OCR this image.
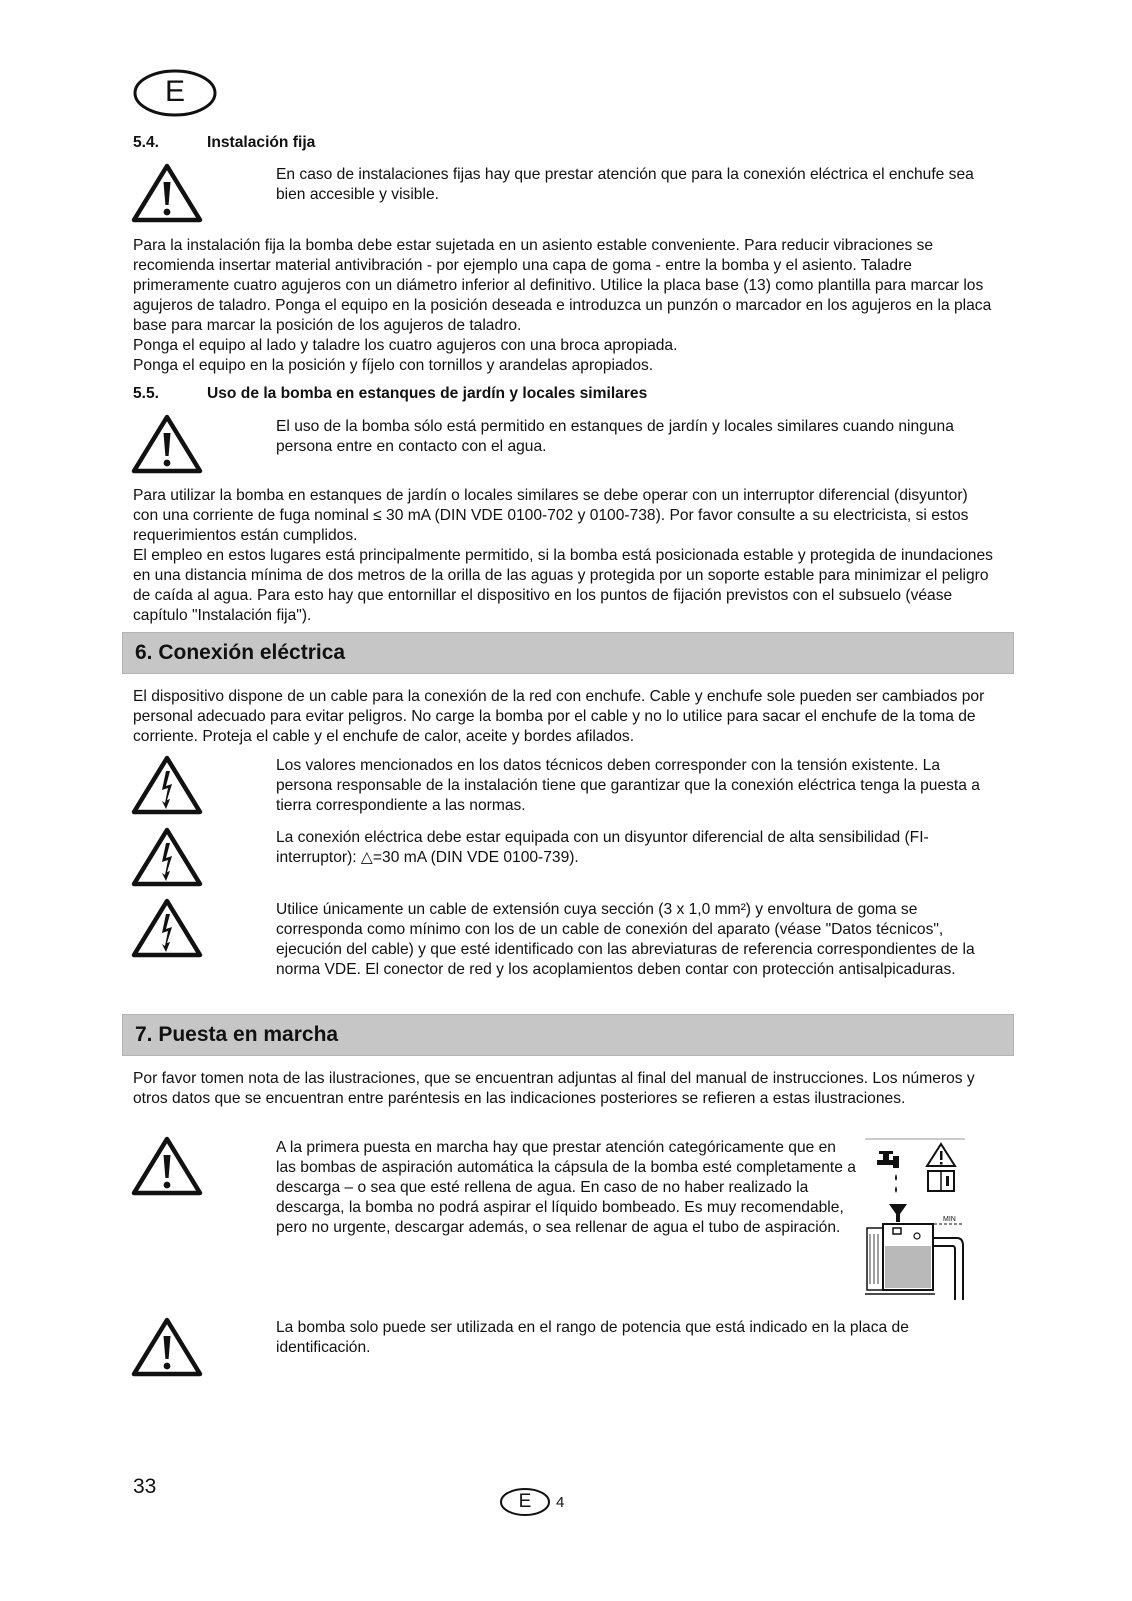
E
5.4.	Instalación fija

En caso de instalaciones fijas hay que prestar atención que para la conexión eléctrica el enchufe sea bien accesible y visible.

Para la instalación fija la bomba debe estar sujetada en un asiento estable conveniente. Para reducir vibraciones se recomienda insertar material antivibración - por ejemplo una capa de goma - entre la bomba y el asiento. Taladre primeramente cuatro agujeros con un diámetro inferior al definitivo. Utilice la placa base (13) como plantilla para marcar los agujeros de taladro. Ponga el equipo en la posición deseada e introduzca un punzón o marcador en los agujeros en la placa base para marcar la posición de los agujeros de taladro.

Ponga el equipo al lado y taladre los cuatro agujeros con una broca apropiada.

Ponga el equipo en la posición y fíjelo con tornillos y arandelas apropiados.

5.5.	Uso de la bomba en estanques de jardín y locales similares

El uso de la bomba sólo está permitido en estanques de jardín y locales similares cuando ninguna persona entre en contacto con el agua.

Para utilizar la bomba en estanques de jardín o locales similares se debe operar con un interruptor diferencial (disyuntor) con una corriente de fuga nominal ≤ 30 mA (DIN VDE 0100-702 y 0100-738). Por favor consulte a su electricista, si estos requerimientos están cumplidos.

El empleo en estos lugares está principalmente permitido, si la bomba está posicionada estable y protegida de inundaciones en una distancia mínima de dos metros de la orilla de las aguas y protegida por un soporte estable para minimizar el peligro de caída al agua. Para esto hay que entornillar el dispositivo en los puntos de fijación previstos con el subsuelo (véase capítulo "Instalación fija").

6. Conexión eléctrica

El dispositivo dispone de un cable para la conexión de la red con enchufe. Cable y enchufe sole pueden ser cambiados por personal adecuado para evitar peligros. No carge la bomba por el cable y no lo utilice para sacar el enchufe de la toma de corriente. Proteja el cable y el enchufe de calor, aceite y bordes afilados.

Los valores mencionados en los datos técnicos deben corresponder con la tensión existente. La persona responsable de la instalación tiene que garantizar que la conexión eléctrica tenga la puesta a tierra correspondiente a las normas.

La conexión eléctrica debe estar equipada con un disyuntor diferencial de alta sensibilidad (FI-interruptor): △=30 mA (DIN VDE 0100-739).

Utilice únicamente un cable de extensión cuya sección (3 x 1,0 mm²) y envoltura de goma se corresponda como mínimo con los de un cable de conexión del aparato (véase "Datos técnicos", ejecución del cable) y que esté identificado con las abreviaturas de referencia correspondientes de la norma VDE. El conector de red y los acoplamientos deben contar con protección antisalpicaduras.

7. Puesta en marcha

Por favor tomen nota de las ilustraciones, que se encuentran adjuntas al final del manual de instrucciones. Los números y otros datos que se encuentran entre paréntesis en las indicaciones posteriores se refieren a estas ilustraciones.

A la primera puesta en marcha hay que prestar atención categóricamente que en las bombas de aspiración automática la cápsula de la bomba esté completamente a descarga – o sea que esté rellena de agua. En caso de no haber realizado la descarga, la bomba no podrá aspirar el líquido bombeado. Es muy recomendable, pero no urgente, descargar además, o sea rellenar de agua el tubo de aspiración.	MIN

La bomba solo puede ser utilizada en el rango de potencia que está indicado en la placa de identificación.

33
E	4
